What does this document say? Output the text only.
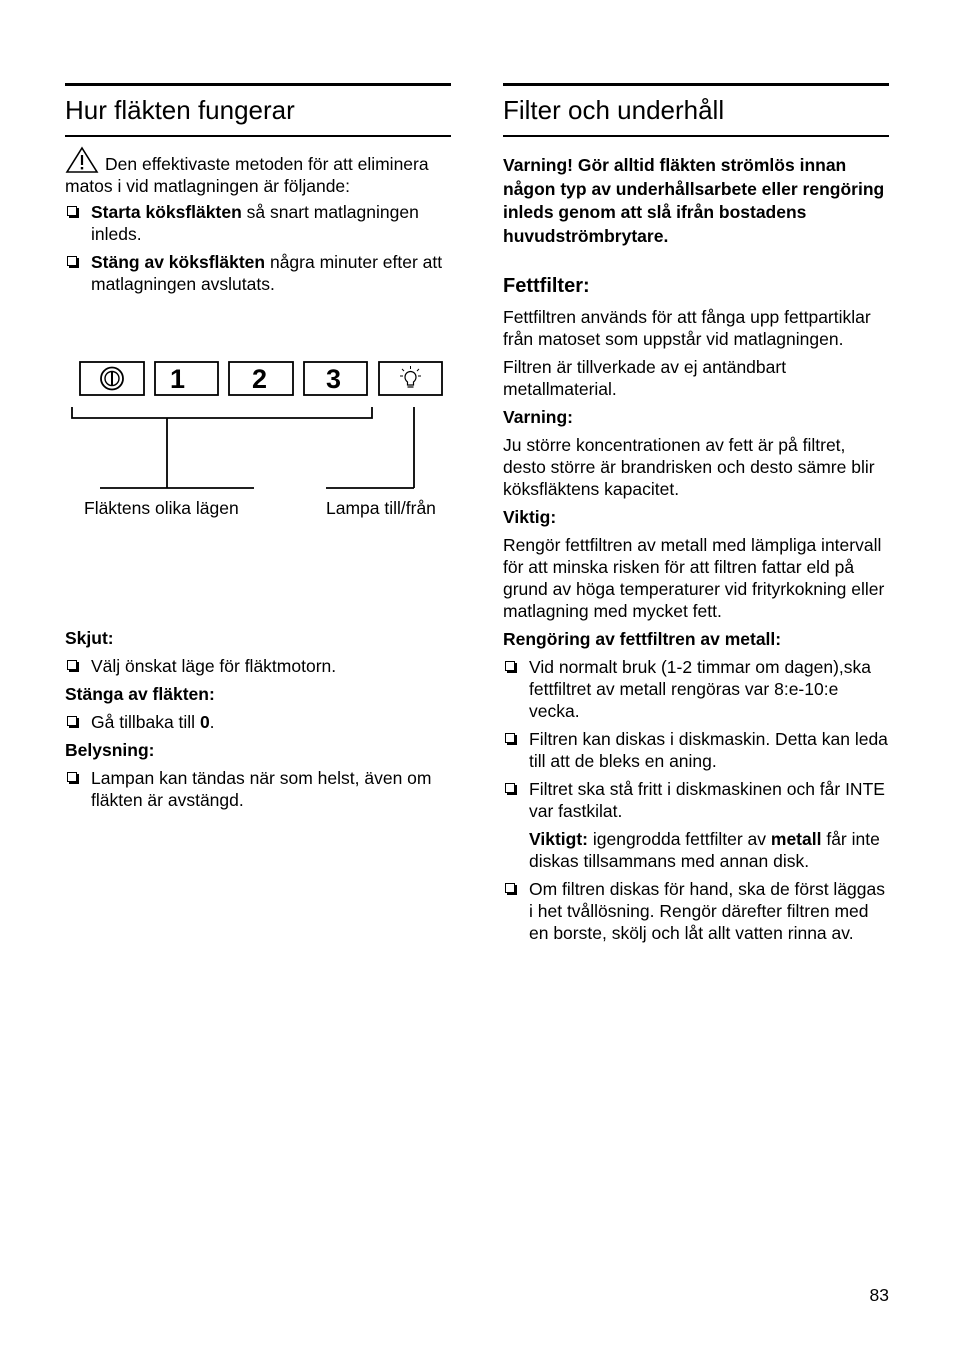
Hur fläkten fungerar

Den effektivaste metoden för att eliminera matos i vid matlagningen är följande:

Starta köksfläkten så snart matlagningen inleds.
Stäng av köksfläkten några minuter efter att matlagningen avslutats.
1 2 3
Fläktens olika lägen	Lampa till/från

Skjut:

Välj önskat läge för fläktmotorn.

Stänga av fläkten:

Gå tillbaka till 0.

Belysning:

Lampan kan tändas när som helst, även om fläkten är avstängd.
Filter och underhåll

Varning! Gör alltid fläkten strömlös innan någon typ av underhållsarbete eller rengöring inleds genom att slå ifrån bostadens huvudströmbrytare.

Fettfilter:

Fettfiltren används för att fånga upp fettpartiklar från matoset som uppstår vid matlagningen.

Filtren är tillverkade av ej antändbart metallmaterial.

Varning:

Ju större koncentrationen av fett är på filtret, desto större är brandrisken och desto sämre blir köksfläktens kapacitet.

Viktig:

Rengör fettfiltren av metall med lämpliga intervall för att minska risken för att filtren fattar eld på grund av höga temperaturer vid frityrkokning eller matlagning med mycket fett.

Rengöring av fettfiltren av metall:

Vid normalt bruk (1-2 timmar om dagen),ska fettfiltret av metall rengöras var 8:e-10:e vecka.
Filtren kan diskas i diskmaskin. Detta kan leda till att de bleks en aning.
Filtret ska stå fritt i diskmaskinen och får INTE var fastkilat.

Viktigt: igengrodda fettfilter av metall får inte diskas tillsammans med annan disk.

Om filtren diskas för hand, ska de först läggas i het tvållösning. Rengör därefter filtren med en borste, skölj och låt allt vatten rinna av.
83
